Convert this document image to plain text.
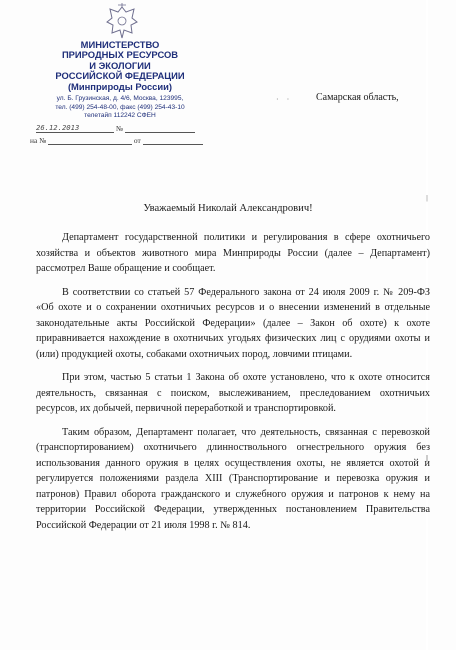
МИНИСТЕРСТВО
ПРИРОДНЫХ РЕСУРСОВ
И ЭКОЛОГИИ
РОССИЙСКОЙ ФЕДЕРАЦИИ
(Минприроды России)
ул. Б. Грузинская, д. 4/6, Москва, 123995,
тел. (499) 254-48-00, факс (499) 254-43-10
телетайп 112242 СФЕН
26.12.2013	№
на №	от
· · Самарская область,
Уважаемый Николай Александрович!

Департамент государственной политики и регулирования в сфере охотничьего хозяйства и объектов животного мира Минприроды России (далее – Департамент) рассмотрел Ваше обращение и сообщает.

В соответствии со статьей 57 Федерального закона от 24 июля 2009 г. № 209-ФЗ «Об охоте и о сохранении охотничьих ресурсов и о внесении изменений в отдельные законодательные акты Российской Федерации» (далее – Закон об охоте) к охоте приравнивается нахождение в охотничьих угодьях физических лиц с орудиями охоты и (или) продукцией охоты, собаками охотничьих пород, ловчими птицами.

При этом, частью 5 статьи 1 Закона об охоте установлено, что к охоте относится деятельность, связанная с поиском, выслеживанием, преследованием охотничьих ресурсов, их добычей, первичной переработкой и транспортировкой.

Таким образом, Департамент полагает, что деятельность, связанная с перевозкой (транспортированием) охотничьего длинноствольного огнестрельного оружия без использования данного оружия в целях осуществления охоты, не является охотой и регулируется положениями раздела XIII (Транспортирование и перевозка оружия и патронов) Правил оборота гражданского и служебного оружия и патронов к нему на территории Российской Федерации, утвержденных постановлением Правительства Российской Федерации от 21 июля 1998 г. № 814.
